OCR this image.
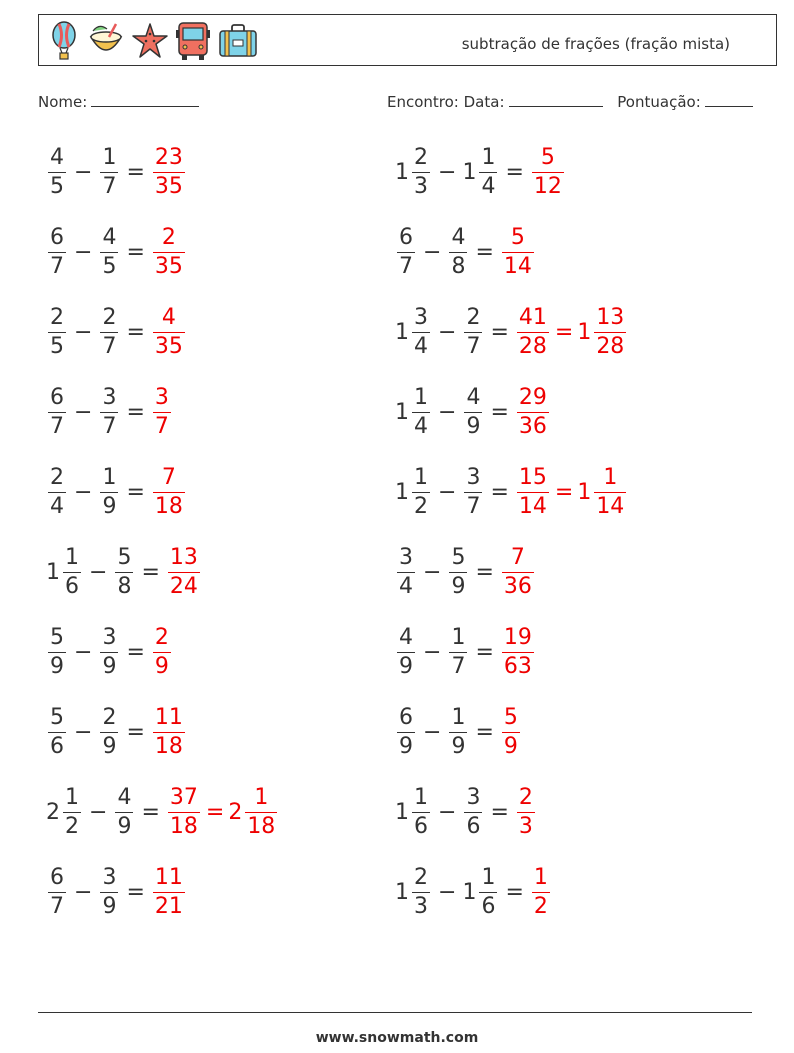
subtração de frações (fração mista)
Nome:	Encontro: Data:	Pontuação:
$\frac{4}{5} - \frac{1}{7} = \frac{23}{35}$	$1 \frac{2}{3} - 1 \frac{1}{4} = \frac{5}{12}$
$\frac{6}{7} - \frac{4}{5} = \frac{2}{35}$	$\frac{6}{7} - \frac{4}{8} = \frac{5}{14}$
$\frac{2}{5} - \frac{2}{7} = \frac{4}{35}$	$1 \frac{3}{4} - \frac{2}{7} = \frac{41}{28} = 1 \frac{13}{28}$
$\frac{6}{7} - \frac{3}{7} = \frac{3}{7}$	$1 \frac{1}{4} - \frac{4}{9} = \frac{29}{36}$
$\frac{2}{4} - \frac{1}{9} = \frac{7}{18}$	$1 \frac{1}{2} - \frac{3}{7} = \frac{15}{14} = 1 \frac{1}{14}$
$1 \frac{1}{6} - \frac{5}{8} = \frac{13}{24}$	$\frac{3}{4} - \frac{5}{9} = \frac{7}{36}$
$\frac{5}{9} - \frac{3}{9} = \frac{2}{9}$	$\frac{4}{9} - \frac{1}{7} = \frac{19}{63}$
$\frac{5}{6} - \frac{2}{9} = \frac{11}{18}$	$\frac{6}{9} - \frac{1}{9} = \frac{5}{9}$
$2 \frac{1}{2} - \frac{4}{9} = \frac{37}{18} = 2 \frac{1}{18}$	$1 \frac{1}{6} - \frac{3}{6} = \frac{2}{3}$
$\frac{6}{7} - \frac{3}{9} = \frac{11}{21}$	$1 \frac{2}{3} - 1 \frac{1}{6} = \frac{1}{2}$
www.snowmath.com
